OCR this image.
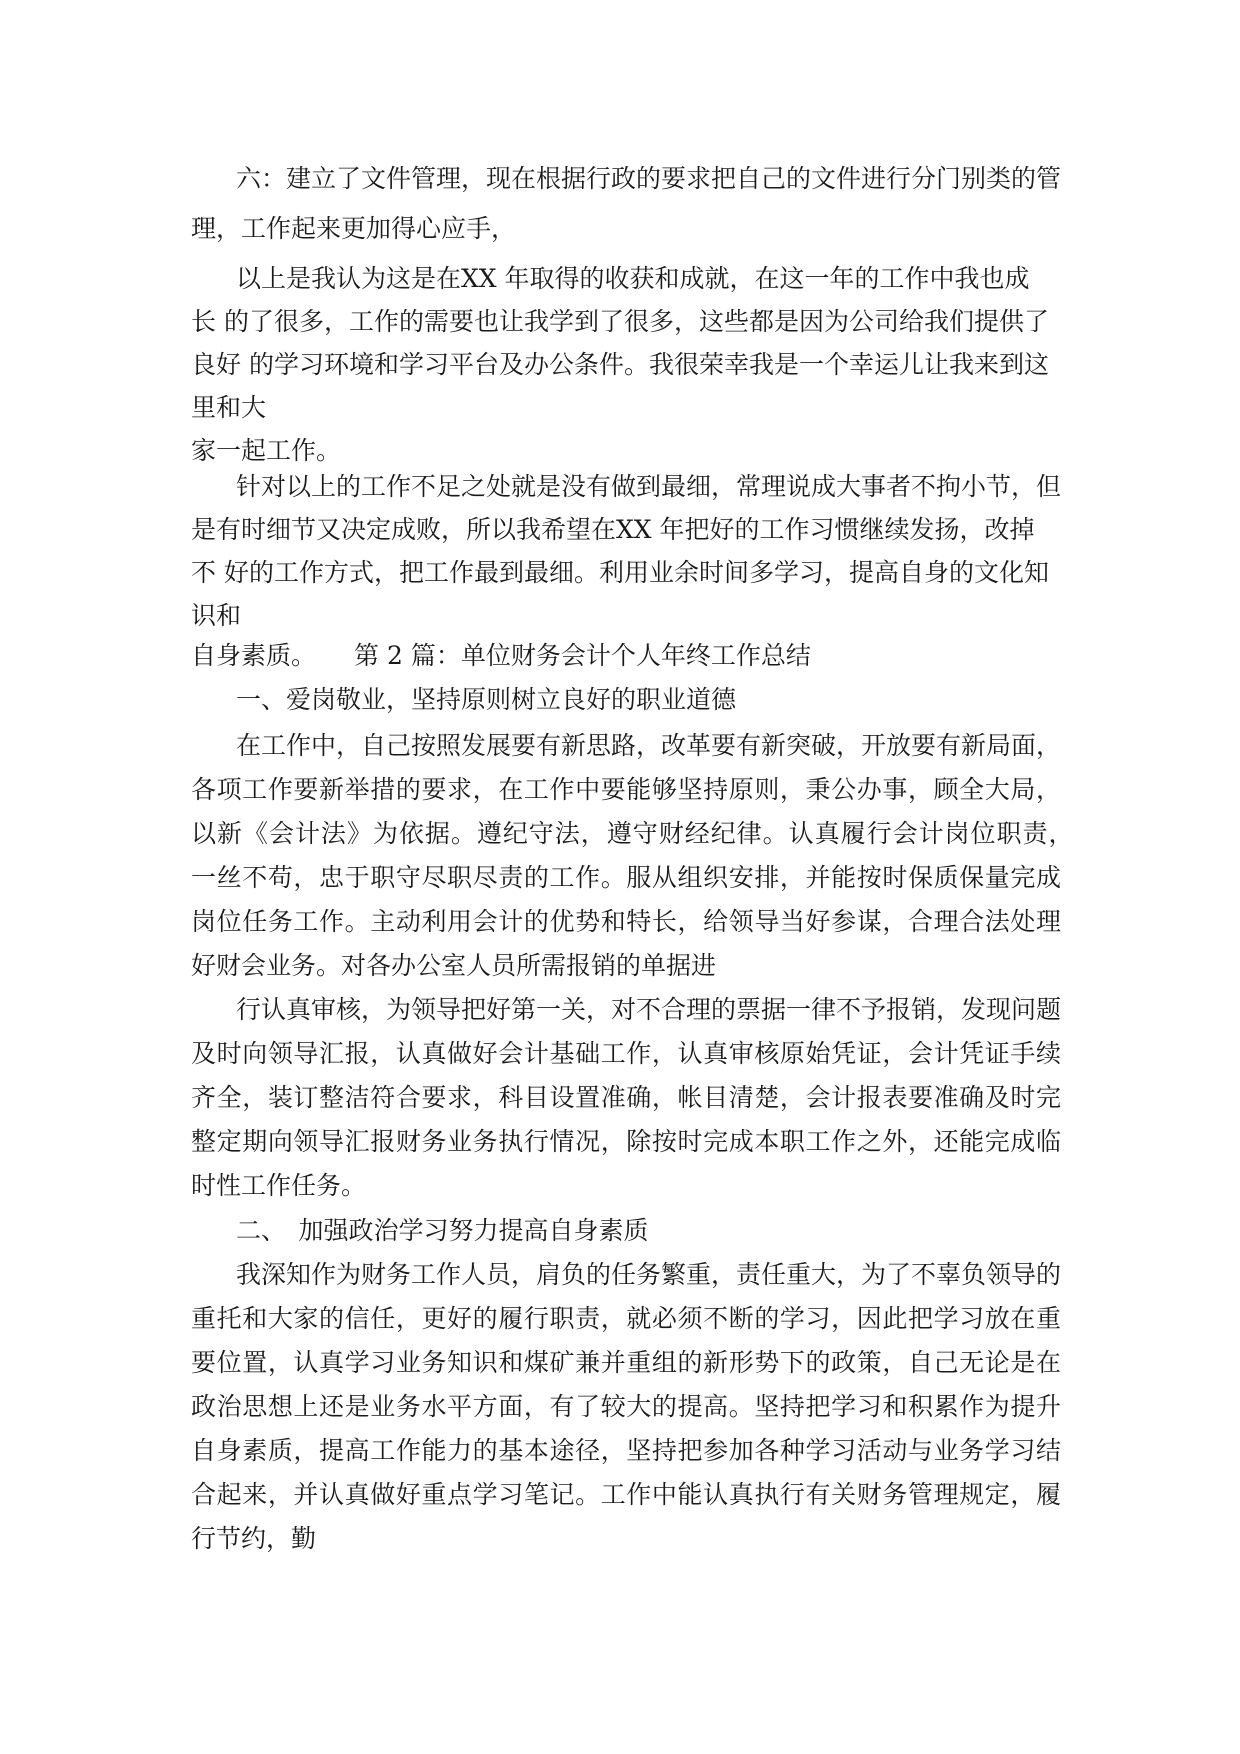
六：建立了文件管理，现在根据行政的要求把自己的文件进行分门别类的管理，工作起来更加得心应手，
以上是我认为这是在XX 年取得的收获和成就，在这一年的工作中我也成
长 的了很多，工作的需要也让我学到了很多，这些都是因为公司给我们提供了
良好 的学习环境和学习平台及办公条件。我很荣幸我是一个幸运儿让我来到这
里和大
家一起工作。
针对以上的工作不足之处就是没有做到最细，常理说成大事者不拘小节，但
是有时细节又决定成败，所以我希望在XX 年把好的工作习惯继续发扬，改掉
不 好的工作方式，把工作最到最细。利用业余时间多学习，提高自身的文化知
识和
自身素质。 第 2 篇：单位财务会计个人年终工作总结
一、爱岗敬业，坚持原则树立良好的职业道德
在工作中，自己按照发展要有新思路，改革要有新突破，开放要有新局面，各项工作要新举措的要求，在工作中要能够坚持原则，秉公办事，顾全大局，以新《会计法》为依据。遵纪守法，遵守财经纪律。认真履行会计岗位职责，　一丝不苟，忠于职守尽职尽责的工作。服从组织安排，并能按时保质保量完成岗位任务工作。主动利用会计的优势和特长，给领导当好参谋，合理合法处理好财会业务。对各办公室人员所需报销的单据进
行认真审核，为领导把好第一关，对不合理的票据一律不予报销，发现问题及时向领导汇报，认真做好会计基础工作，认真审核原始凭证，会计凭证手续齐全，装订整洁符合要求，科目设置准确，帐目清楚，会计报表要准确及时完整定期向领导汇报财务业务执行情况，除按时完成本职工作之外，还能完成临时性工作任务。
二、　加强政治学习努力提高自身素质
我深知作为财务工作人员，肩负的任务繁重，责任重大，为了不辜负领导的重托和大家的信任，更好的履行职责，就必须不断的学习，因此把学习放在重要位置，认真学习业务知识和煤矿兼并重组的新形势下的政策，自己无论是在政治思想上还是业务水平方面，有了较大的提高。坚持把学习和积累作为提升自身素质，提高工作能力的基本途径，坚持把参加各种学习活动与业务学习结合起来，并认真做好重点学习笔记。工作中能认真执行有关财务管理规定，履行节约，勤
